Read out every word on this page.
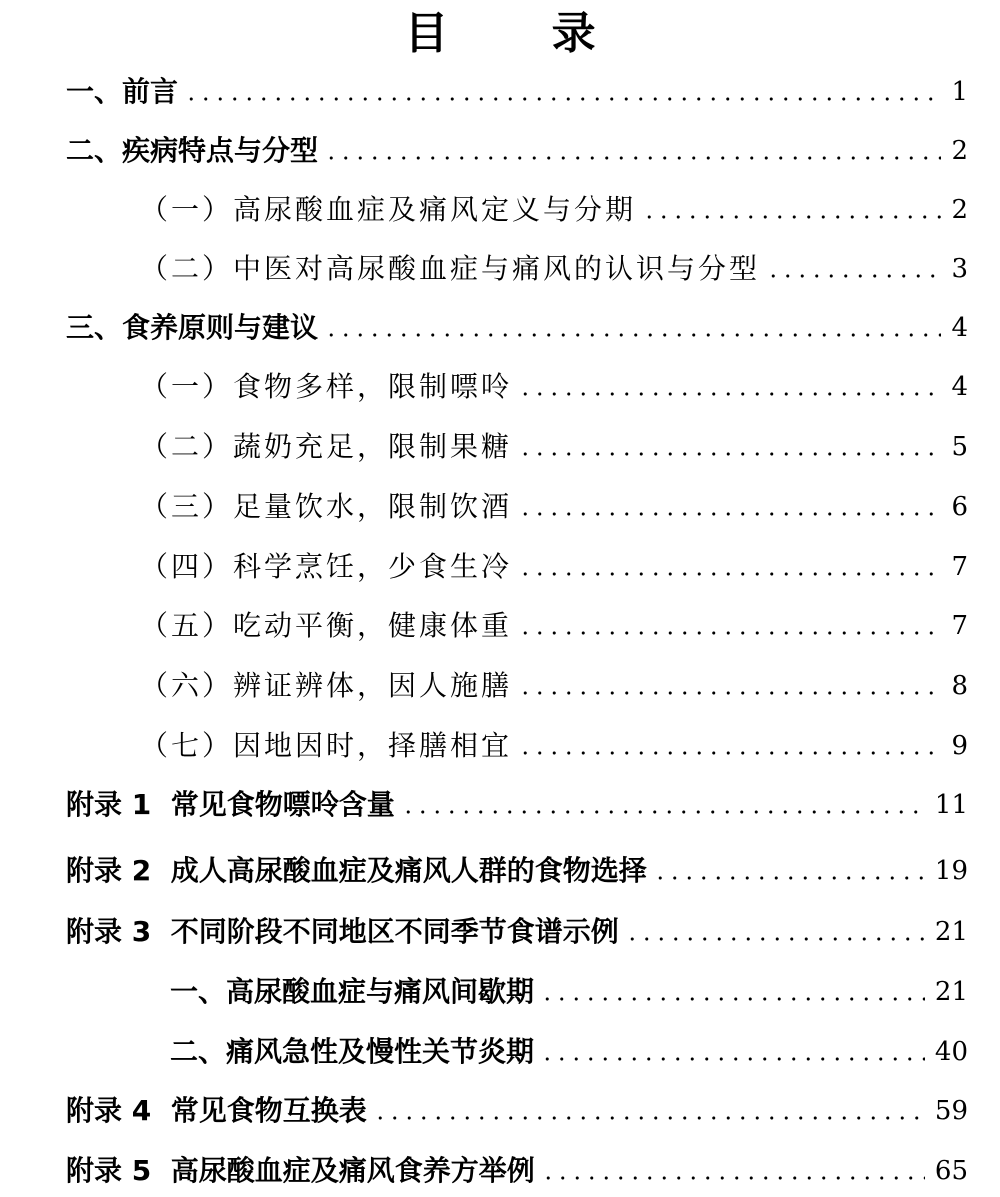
目 录
一、前言	1
二、疾病特点与分型	2
（一）高尿酸血症及痛风定义与分期	2
（二）中医对高尿酸血症与痛风的认识与分型	3
三、食养原则与建议	4
（一）食物多样，限制嘌呤	4
（二）蔬奶充足，限制果糖	5
（三）足量饮水，限制饮酒	6
（四）科学烹饪，少食生冷	7
（五）吃动平衡，健康体重	7
（六）辨证辨体，因人施膳	8
（七）因地因时，择膳相宜	9
附录 1  常见食物嘌呤含量	11
附录 2  成人高尿酸血症及痛风人群的食物选择	19
附录 3  不同阶段不同地区不同季节食谱示例	21
一、高尿酸血症与痛风间歇期	21
二、痛风急性及慢性关节炎期	40
附录 4  常见食物互换表	59
附录 5  高尿酸血症及痛风食养方举例	65
